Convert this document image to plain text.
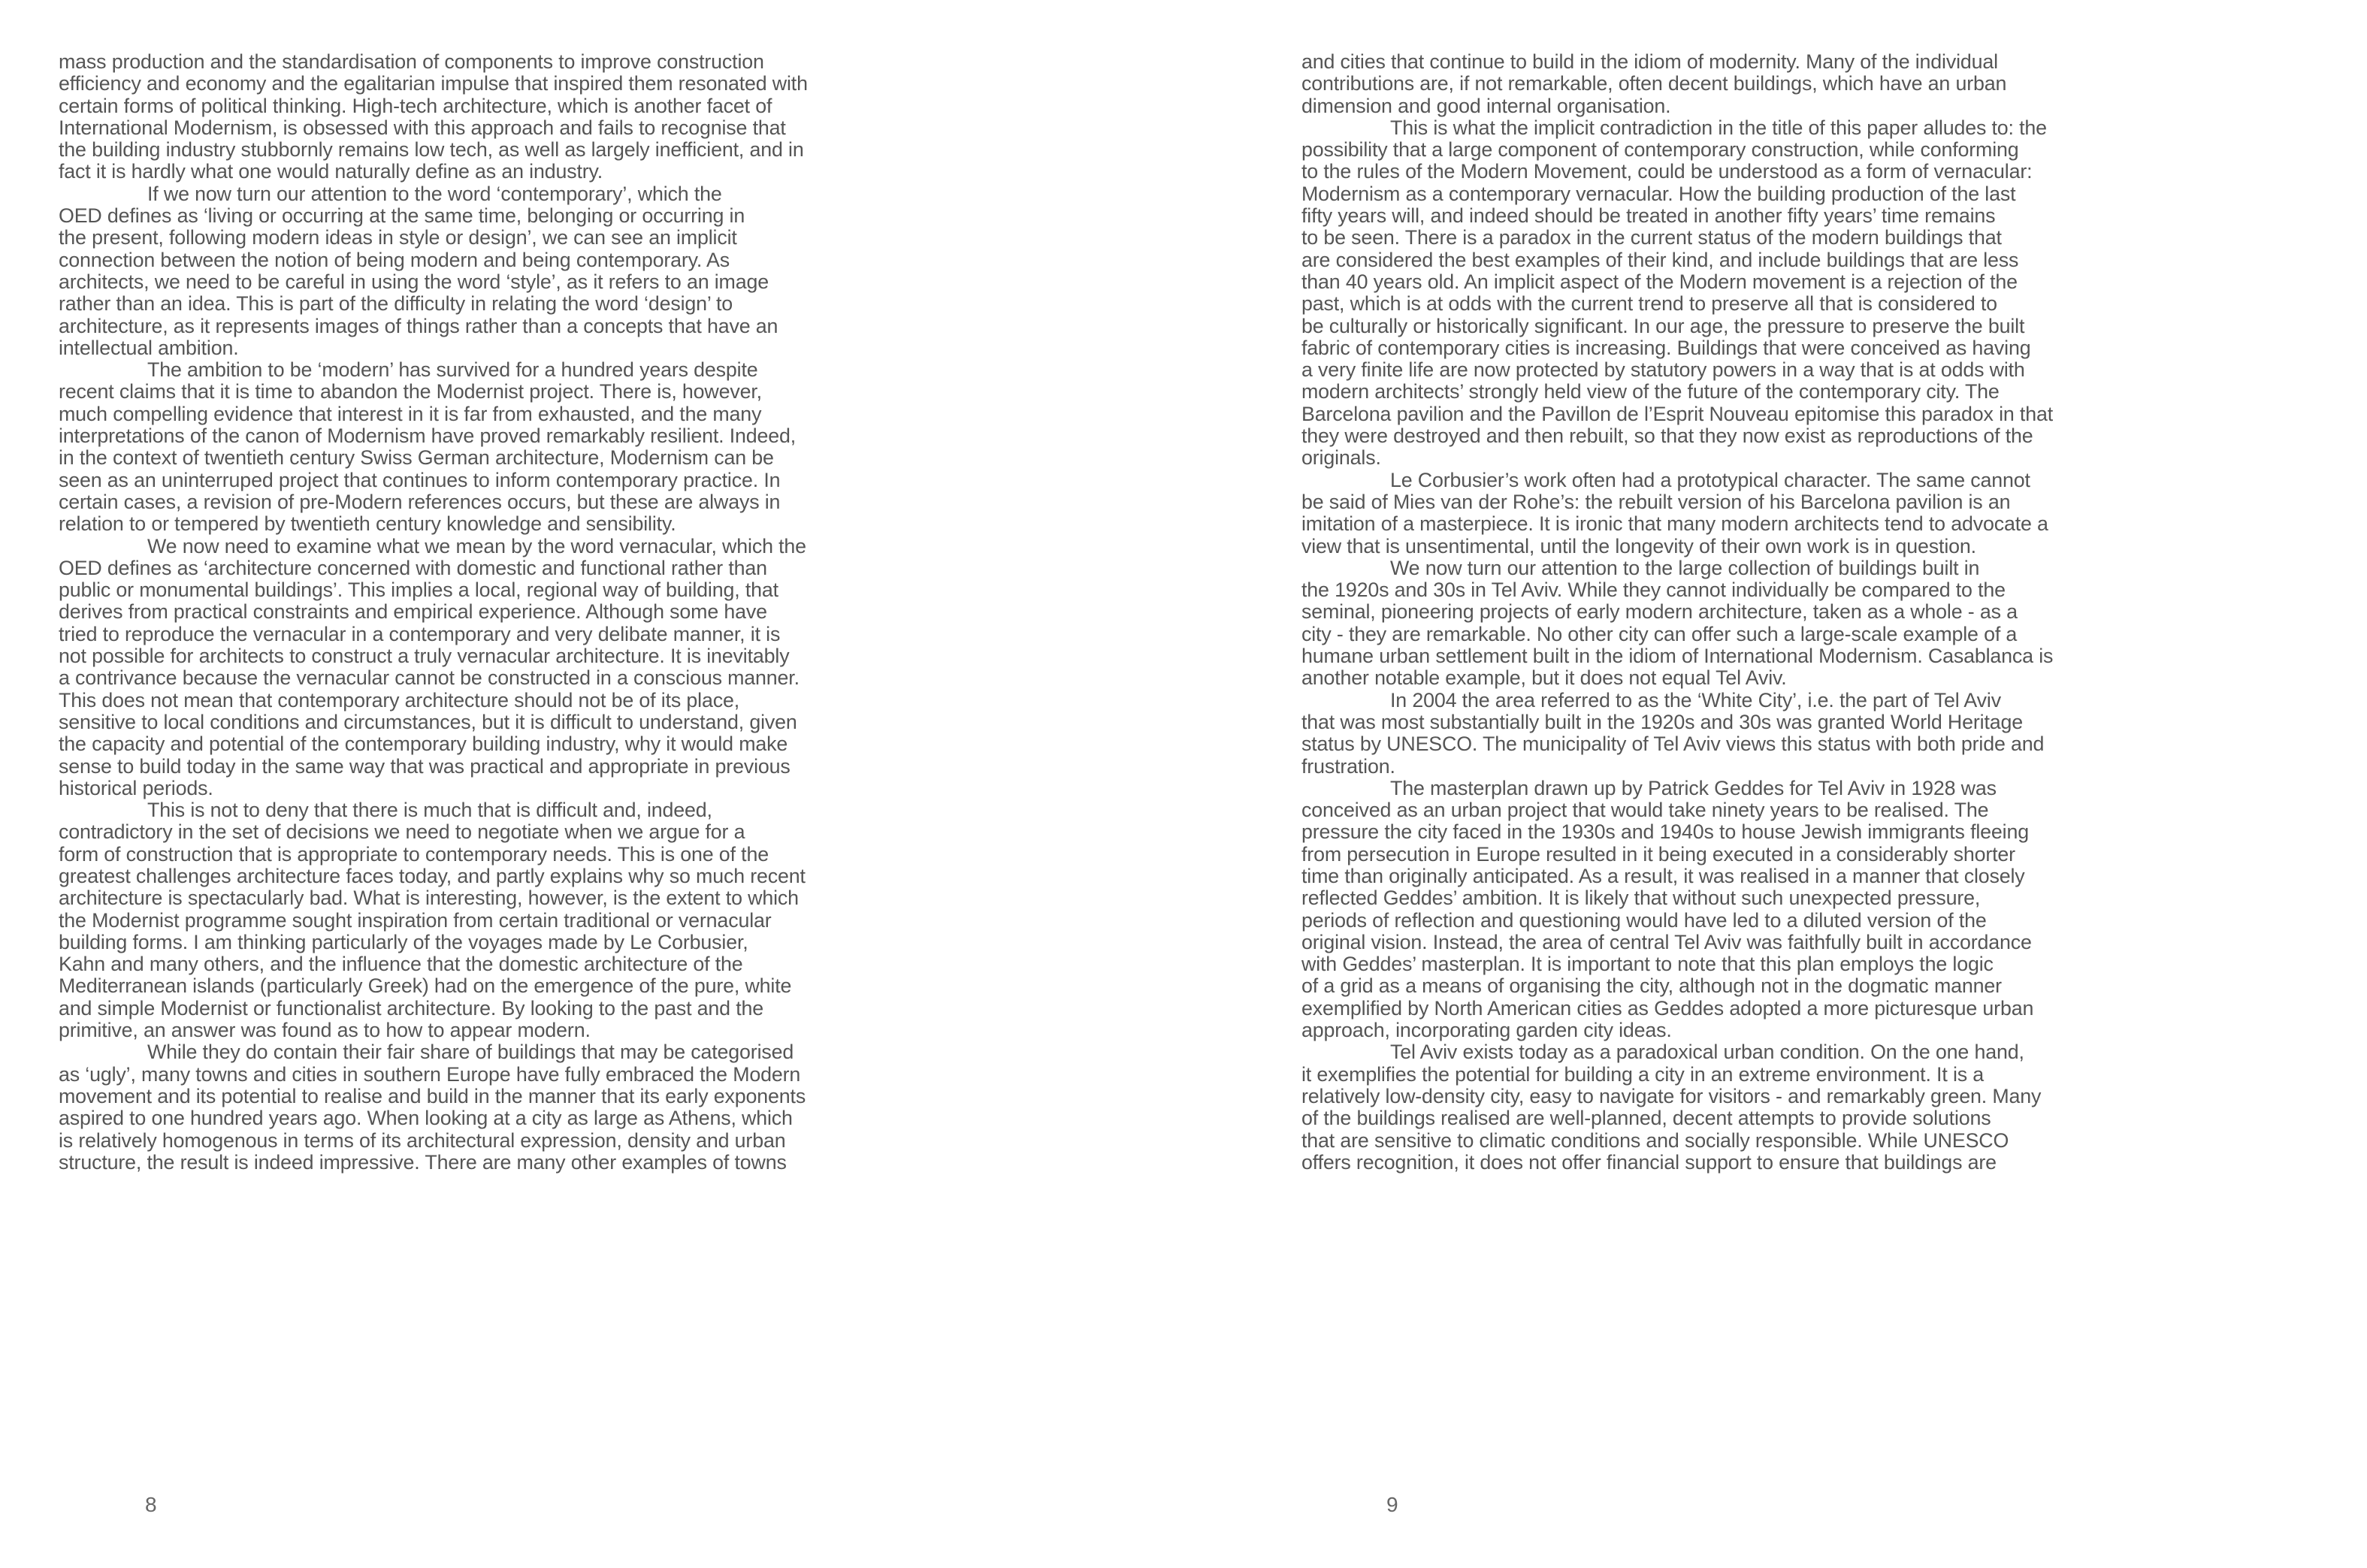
mass production and the standardisation of components to improve construction
efficiency and economy and the egalitarian impulse that inspired them resonated with
certain forms of political thinking. High-tech architecture, which is another facet of
International Modernism, is obsessed with this approach and fails to recognise that
the building industry stubbornly remains low tech, as well as largely inefficient, and in
fact it is hardly what one would naturally define as an industry.
If we now turn our attention to the word ‘contemporary’, which the
OED defines as ‘living or occurring at the same time, belonging or occurring in
the present, following modern ideas in style or design’, we can see an implicit
connection between the notion of being modern and being contemporary. As
architects, we need to be careful in using the word ‘style’, as it refers to an image
rather than an idea. This is part of the difficulty in relating the word ‘design’ to
architecture, as it represents images of things rather than a concepts that have an
intellectual ambition.
The ambition to be ‘modern’ has survived for a hundred years despite
recent claims that it is time to abandon the Modernist project. There is, however,
much compelling evidence that interest in it is far from exhausted, and the many
interpretations of the canon of Modernism have proved remarkably resilient. Indeed,
in the context of twentieth century Swiss German architecture, Modernism can be
seen as an uninterruped project that continues to inform contemporary practice. In
certain cases, a revision of pre-Modern references occurs, but these are always in
relation to or tempered by twentieth century knowledge and sensibility.
We now need to examine what we mean by the word vernacular, which the
OED defines as ‘architecture concerned with domestic and functional rather than
public or monumental buildings’. This implies a local, regional way of building, that
derives from practical constraints and empirical experience. Although some have
tried to reproduce the vernacular in a contemporary and very delibate manner, it is
not possible for architects to construct a truly vernacular architecture. It is inevitably
a contrivance because the vernacular cannot be constructed in a conscious manner.
This does not mean that contemporary architecture should not be of its place,
sensitive to local conditions and circumstances, but it is difficult to understand, given
the capacity and potential of the contemporary building industry, why it would make
sense to build today in the same way that was practical and appropriate in previous
historical periods.
This is not to deny that there is much that is difficult and, indeed,
contradictory in the set of decisions we need to negotiate when we argue for a
form of construction that is appropriate to contemporary needs. This is one of the
greatest challenges architecture faces today, and partly explains why so much recent
architecture is spectacularly bad. What is interesting, however, is the extent to which
the Modernist programme sought inspiration from certain traditional or vernacular
building forms. I am thinking particularly of the voyages made by Le Corbusier,
Kahn and many others, and the influence that the domestic architecture of the
Mediterranean islands (particularly Greek) had on the emergence of the pure, white
and simple Modernist or functionalist architecture. By looking to the past and the
primitive, an answer was found as to how to appear modern.
While they do contain their fair share of buildings that may be categorised
as ‘ugly’, many towns and cities in southern Europe have fully embraced the Modern
movement and its potential to realise and build in the manner that its early exponents
aspired to one hundred years ago. When looking at a city as large as Athens, which
is relatively homogenous in terms of its architectural expression, density and urban
structure, the result is indeed impressive. There are many other examples of towns
8
and cities that continue to build in the idiom of modernity. Many of the individual
contributions are, if not remarkable, often decent buildings, which have an urban
dimension and good internal organisation.
This is what the implicit contradiction in the title of this paper alludes to: the
possibility that a large component of contemporary construction, while conforming
to the rules of the Modern Movement, could be understood as a form of vernacular:
Modernism as a contemporary vernacular. How the building production of the last
fifty years will, and indeed should be treated in another fifty years’ time remains
to be seen. There is a paradox in the current status of the modern buildings that
are considered the best examples of their kind, and include buildings that are less
than 40 years old. An implicit aspect of the Modern movement is a rejection of the
past, which is at odds with the current trend to preserve all that is considered to
be culturally or historically significant. In our age, the pressure to preserve the built
fabric of contemporary cities is increasing. Buildings that were conceived as having
a very finite life are now protected by statutory powers in a way that is at odds with
modern architects’ strongly held view of the future of the contemporary city. The
Barcelona pavilion and the Pavillon de l’Esprit Nouveau epitomise this paradox in that
they were destroyed and then rebuilt, so that they now exist as reproductions of the
originals.
Le Corbusier’s work often had a prototypical character. The same cannot
be said of Mies van der Rohe’s: the rebuilt version of his Barcelona pavilion is an
imitation of a masterpiece. It is ironic that many modern architects tend to advocate a
view that is unsentimental, until the longevity of their own work is in question.
We now turn our attention to the large collection of buildings built in
the 1920s and 30s in Tel Aviv. While they cannot individually be compared to the
seminal, pioneering projects of early modern architecture, taken as a whole - as a
city - they are remarkable. No other city can offer such a large-scale example of a
humane urban settlement built in the idiom of International Modernism. Casablanca is
another notable example, but it does not equal Tel Aviv.
In 2004 the area referred to as the ‘White City’, i.e. the part of Tel Aviv
that was most substantially built in the 1920s and 30s was granted World Heritage
status by UNESCO. The municipality of Tel Aviv views this status with both pride and
frustration.
The masterplan drawn up by Patrick Geddes for Tel Aviv in 1928 was
conceived as an urban project that would take ninety years to be realised. The
pressure the city faced in the 1930s and 1940s to house Jewish immigrants fleeing
from persecution in Europe resulted in it being executed in a considerably shorter
time than originally anticipated. As a result, it was realised in a manner that closely
reflected Geddes’ ambition. It is likely that without such unexpected pressure,
periods of reflection and questioning would have led to a diluted version of the
original vision. Instead, the area of central Tel Aviv was faithfully built in accordance
with Geddes’ masterplan. It is important to note that this plan employs the logic
of a grid as a means of organising the city, although not in the dogmatic manner
exemplified by North American cities as Geddes adopted a more picturesque urban
approach, incorporating garden city ideas.
Tel Aviv exists today as a paradoxical urban condition. On the one hand,
it exemplifies the potential for building a city in an extreme environment. It is a
relatively low-density city, easy to navigate for visitors - and remarkably green. Many
of the buildings realised are well-planned, decent attempts to provide solutions
that are sensitive to climatic conditions and socially responsible. While UNESCO
offers recognition, it does not offer financial support to ensure that buildings are
9
